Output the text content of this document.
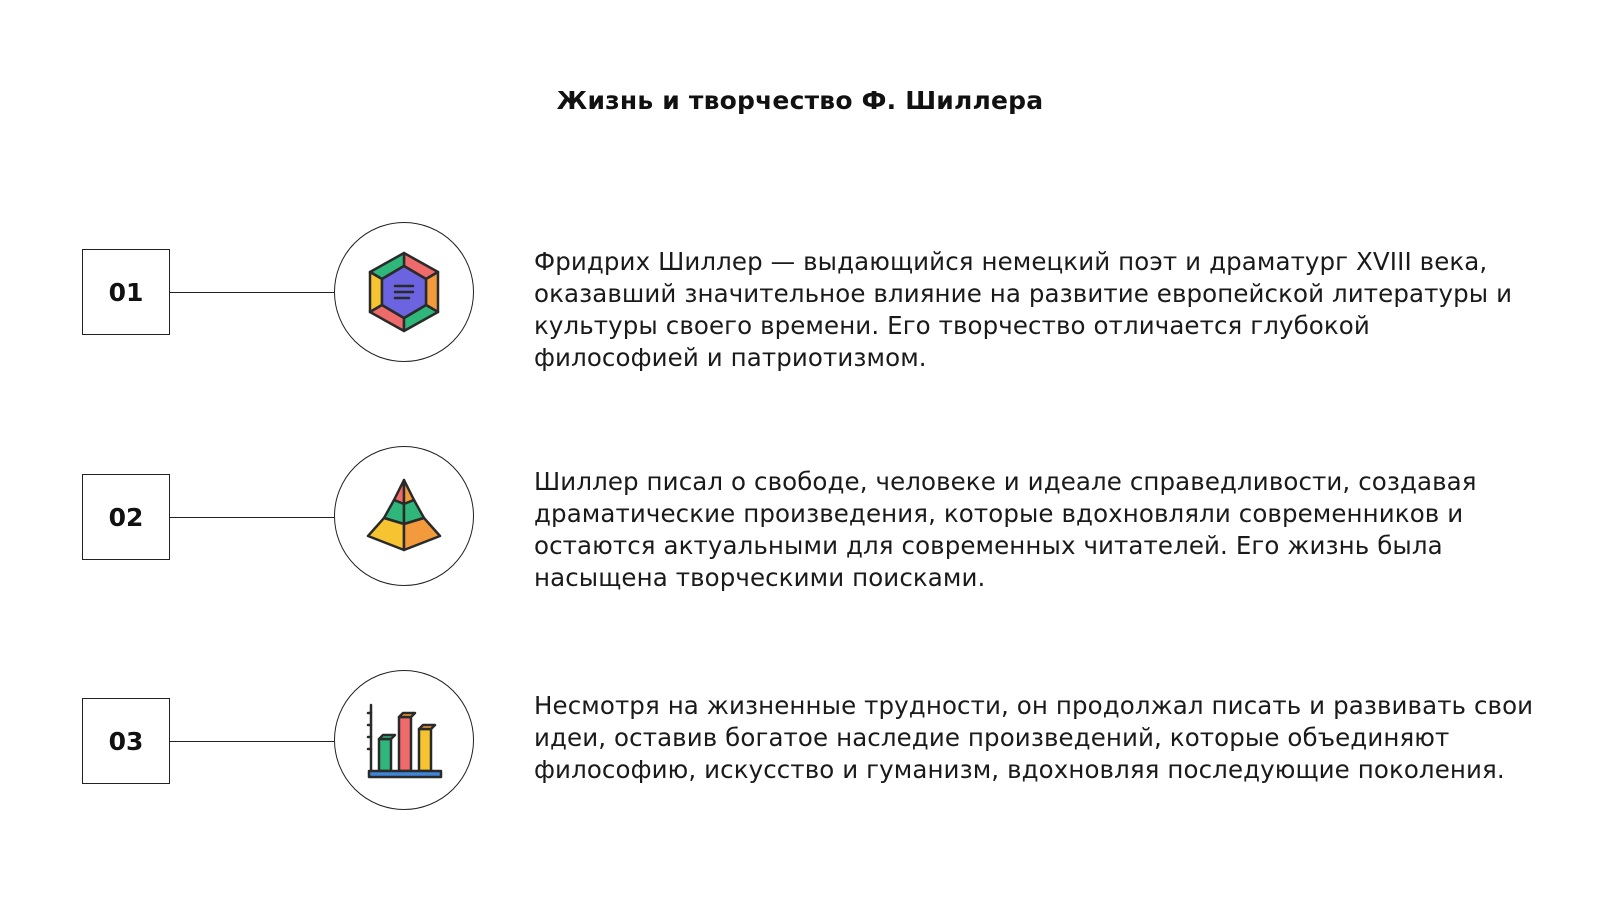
Жизнь и творчество Ф. Шиллера
01
Фридрих Шиллер — выдающийся немецкий поэт и драматург XVIII века, оказавший значительное влияние на развитие европейской литературы и культуры своего времени. Его творчество отличается глубокой философией и патриотизмом.
02
Шиллер писал о свободе, человеке и идеале справедливости, создавая драматические произведения, которые вдохновляли современников и остаются актуальными для современных читателей. Его жизнь была насыщена творческими поисками.
03
Несмотря на жизненные трудности, он продолжал писать и развивать свои идеи, оставив богатое наследие произведений, которые объединяют философию, искусство и гуманизм, вдохновляя последующие поколения.
